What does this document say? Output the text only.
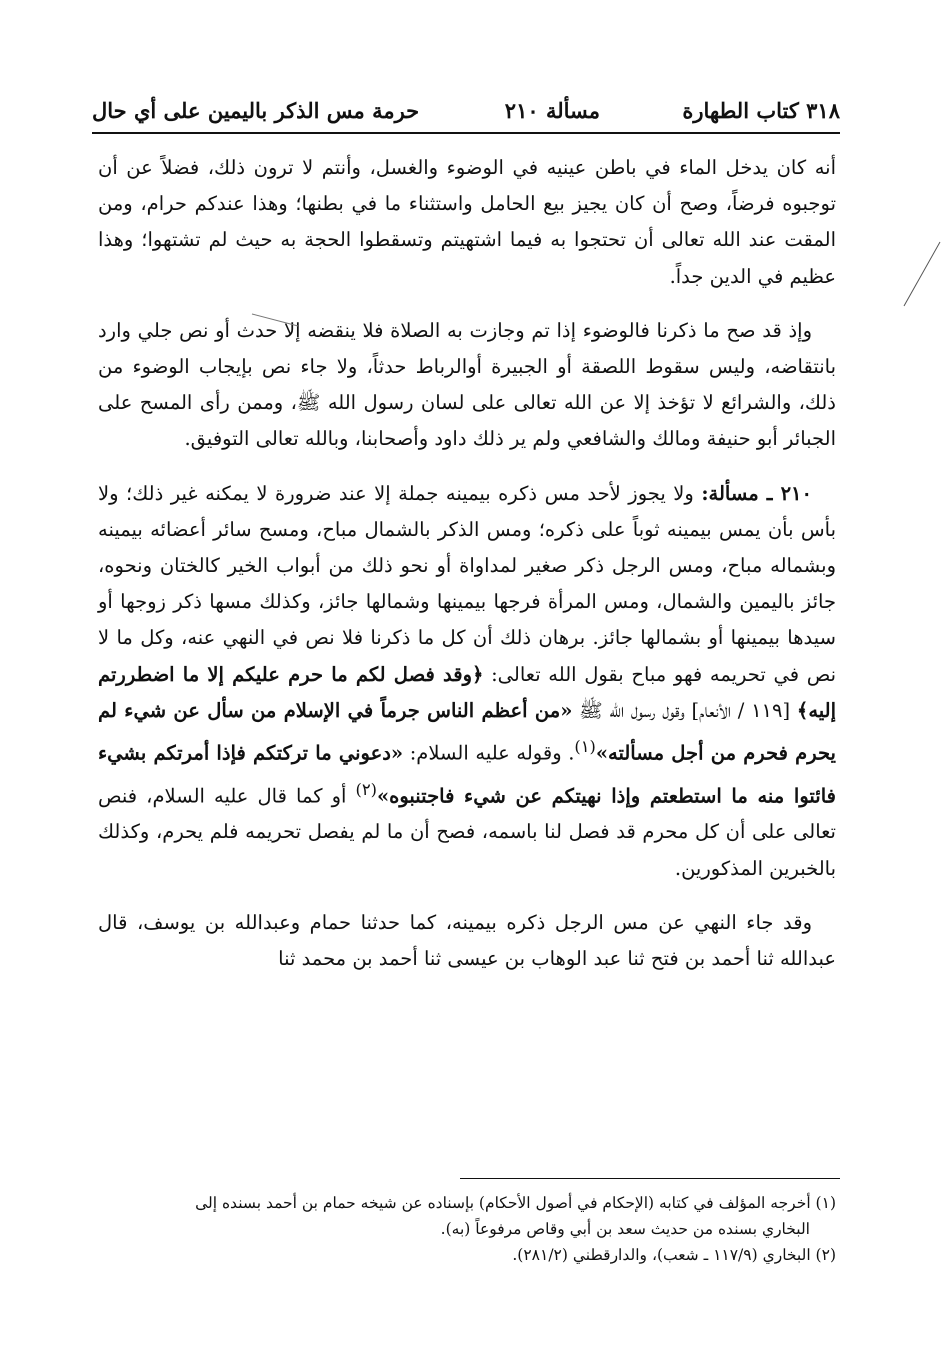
٣١٨ كتاب الطهارة
مسألة ٢١٠
حرمة مس الذكر باليمين على أي حال

أنه كان يدخل الماء في باطن عينيه في الوضوء والغسل، وأنتم لا ترون ذلك، فضلاً عن أن توجبوه فرضاً، وصح أن كان يجيز بيع الحامل واستثناء ما في بطنها؛ وهذا عندكم حرام، ومن المقت عند الله تعالى أن تحتجوا به فيما اشتهيتم وتسقطوا الحجة به حيث لم تشتهوا؛ وهذا عظيم في الدين جداً.

وإذ قد صح ما ذكرنا فالوضوء إذا تم وجازت به الصلاة فلا ينقضه إلا حدث أو نص جلي وارد بانتقاضه، وليس سقوط اللصقة أو الجبيرة أوالرباط حدثاً، ولا جاء نص بإيجاب الوضوء من ذلك، والشرائع لا تؤخذ إلا عن الله تعالى على لسان رسول الله ﷺ، وممن رأى المسح على الجبائر أبو حنيفة ومالك والشافعي ولم ير ذلك داود وأصحابنا، وبالله تعالى التوفيق.

٢١٠ ـ مسألة: ولا يجوز لأحد مس ذكره بيمينه جملة إلا عند ضرورة لا يمكنه غير ذلك؛ ولا بأس بأن يمس بيمينه ثوباً على ذكره؛ ومس الذكر بالشمال مباح، ومسح سائر أعضائه بيمينه وبشماله مباح، ومس الرجل ذكر صغير لمداواة أو نحو ذلك من أبواب الخير كالختان ونحوه، جائز باليمين والشمال، ومس المرأة فرجها بيمينها وشمالها جائز، وكذلك مسها ذكر زوجها أو سيدها بيمينها أو بشمالها جائز. برهان ذلك أن كل ما ذكرنا فلا نص في النهي عنه، وكل ما لا نص في تحريمه فهو مباح بقول الله تعالى: ﴿وقد فصل لكم ما حرم عليكم إلا ما اضطررتم إليه﴾ [١١٩ / الأنعام] وقول رسول الله ﷺ «من أعظم الناس جرماً في الإسلام من سأل عن شيء لم يحرم فحرم من أجل مسألته»$^{(١)}$. وقوله عليه السلام: «دعوني ما تركتكم فإذا أمرتكم بشيء فائتوا منه ما استطعتم وإذا نهيتكم عن شيء فاجتنبوه»$^{(٢)}$ أو كما قال عليه السلام، فنص تعالى على أن كل محرم قد فصل لنا باسمه، فصح أن ما لم يفصل تحريمه فلم يحرم، وكذلك بالخبرين المذكورين.

وقد جاء النهي عن مس الرجل ذكره بيمينه، كما حدثنا حمام وعبدالله بن يوسف، قال عبدالله ثنا أحمد بن فتح ثنا عبد الوهاب بن عيسى ثنا أحمد بن محمد ثنا

(١) أخرجه المؤلف في كتابه (الإحكام في أصول الأحكام) بإسناده عن شيخه حمام بن أحمد بسنده إلى

البخاري بسنده من حديث سعد بن أبي وقاص مرفوعاً (به).

(٢) البخاري (١١٧/٩ ـ شعب)، والدارقطني (٢٨١/٢).
